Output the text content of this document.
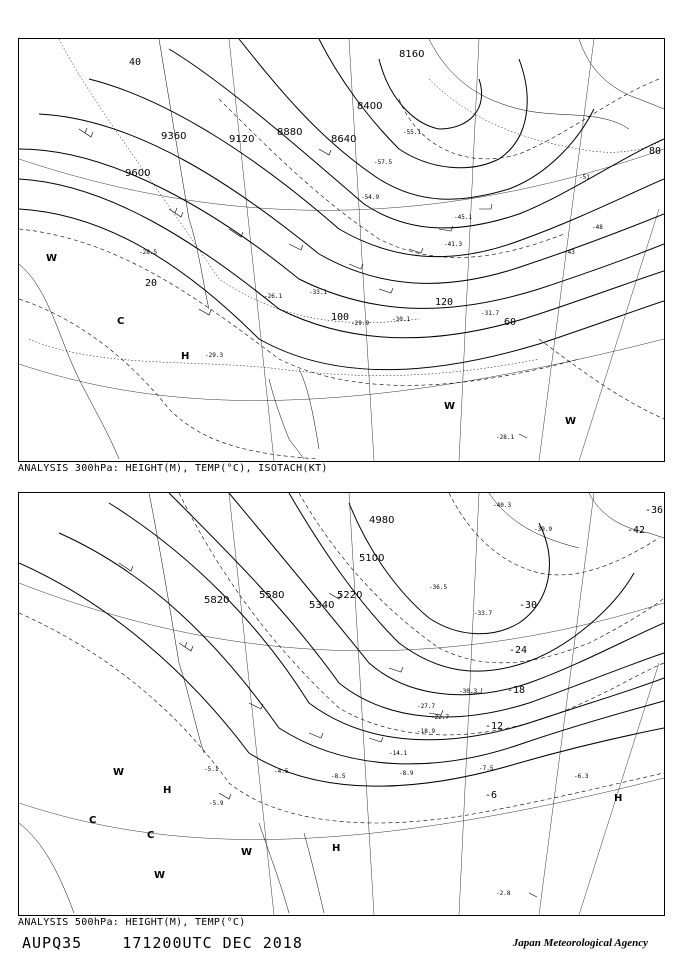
9600
9360	9120
8880
8640
8400
8160
20
40
60
80
100
120
H
C
W
W
W
-33.1
-31.7
-30.1
-29.9
-28.5
-26.1
-29.3
-41.3
-45.1
-54.9
-55.1
-57.5
-51
-48
-43
-28.1
ANALYSIS 300hPa: HEIGHT(M), TEMP(°C), ISOTACH(KT)
5820	5580
5340
5220
5100
4980
-42
-36
-30
-24
-18
-12
-6	H
H
H
C
C
W
W
W
-40.3
-39.9
-36.5
-33.7
-30.3
-27.7
-22.7
-18.9
-14.1
-8.9
-8.5
-7.5
-6.3
-5.9
-5.1	-4.5
-2.8
ANALYSIS 500hPa: HEIGHT(M), TEMP(°C)
AUPQ35	171200UTC DEC 2018	Japan Meteorological Agency
